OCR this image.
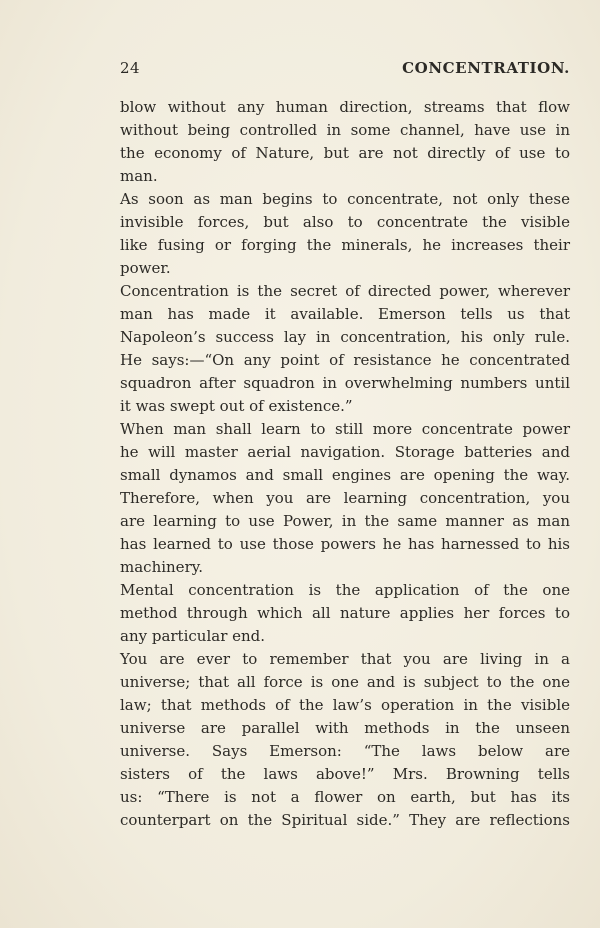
24	CONCENTRATION.
blow without any human direction, streams that flow
without being controlled in some channel, have use in
the economy of Nature, but are not directly of use to
man.
As soon as man begins to concentrate, not only these
invisible forces, but also to concentrate the visible
like fusing or forging the minerals, he increases their
power.
Concentration is the secret of directed power, wherever
man has made it available. Emerson tells us that
Napoleon’s success lay in concentration, his only rule.
He says:—“On any point of resistance he concentrated
squadron after squadron in overwhelming numbers until
it was swept out of existence.”
When man shall learn to still more concentrate power
he will master aerial navigation. Storage batteries and
small dynamos and small engines are opening the way.
Therefore, when you are learning concentration, you
are learning to use Power, in the same manner as man
has learned to use those powers he has harnessed to his
machinery.
Mental concentration is the application of the one
method through which all nature applies her forces to
any particular end.
You are ever to remember that you are living in a
universe; that all force is one and is subject to the one
law; that methods of the law’s operation in the visible
universe are parallel with methods in the unseen
universe. Says Emerson: “The laws below are
sisters of the laws above!” Mrs. Browning tells
us: “There is not a flower on earth, but has its
counterpart on the Spiritual side.” They are reflections
